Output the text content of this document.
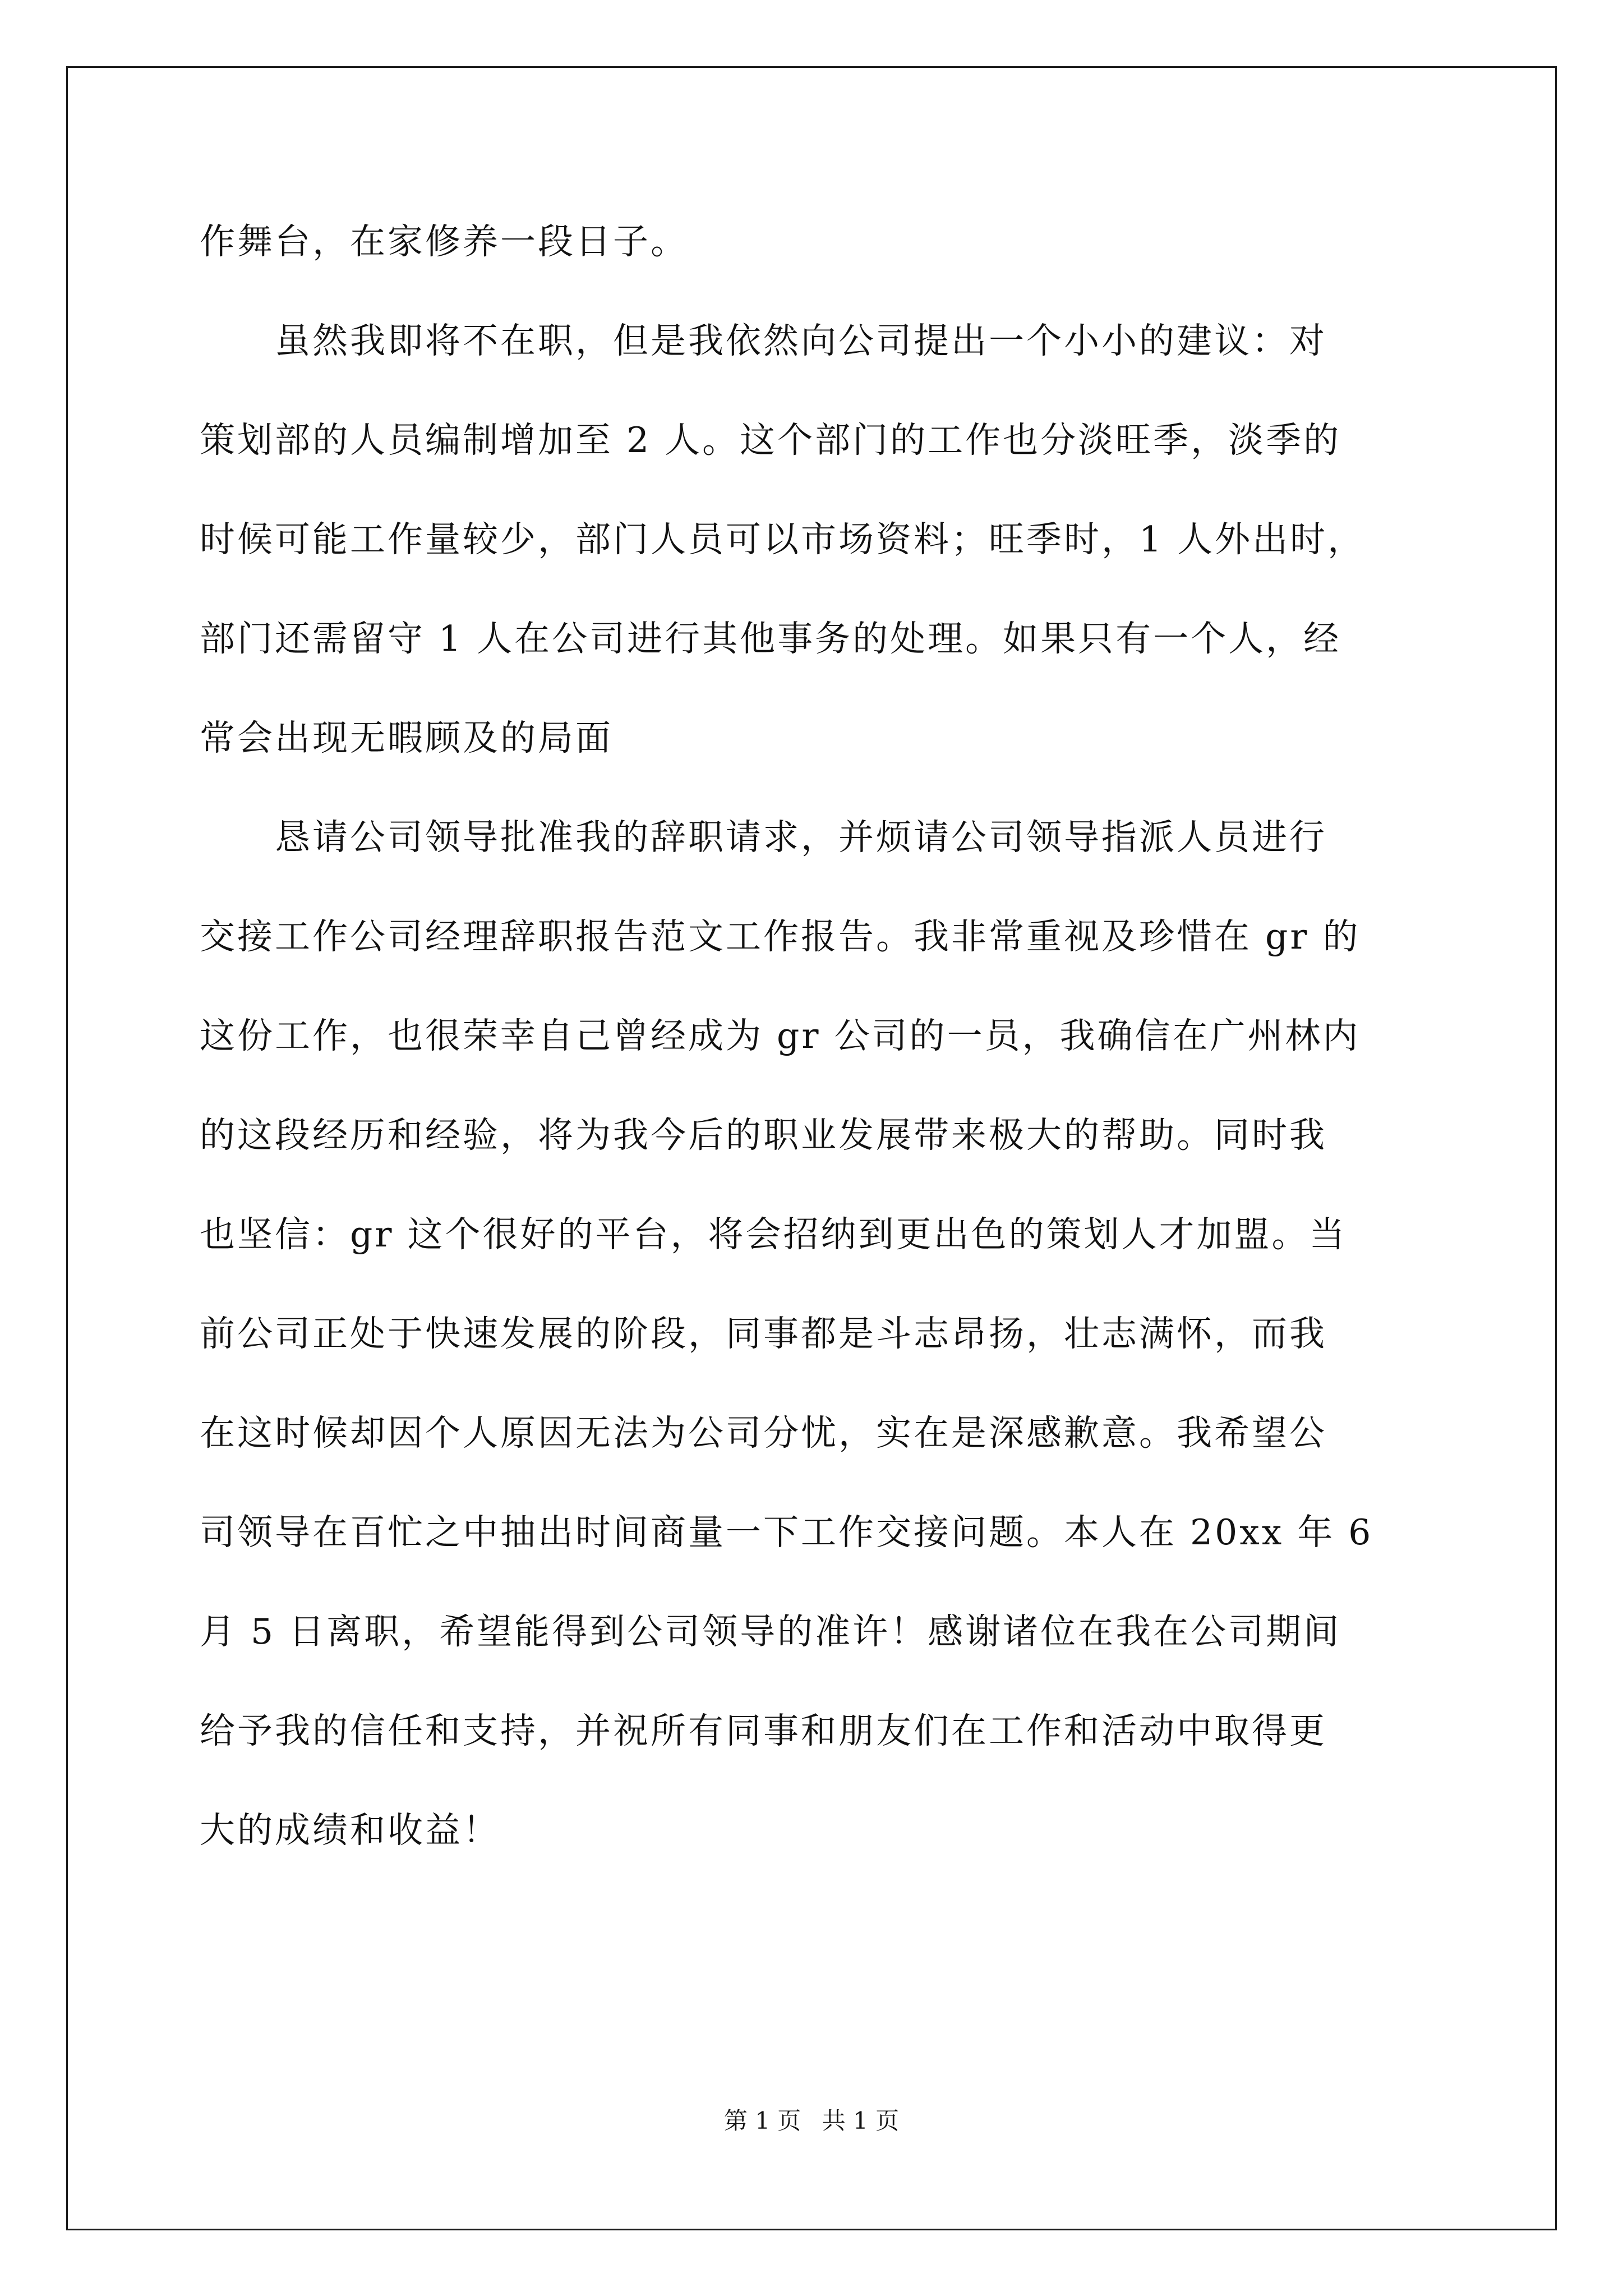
作舞台，在家修养一段日子。
　　虽然我即将不在职，但是我依然向公司提出一个小小的建议：对
策划部的人员编制增加至 2 人。这个部门的工作也分淡旺季，淡季的
时候可能工作量较少，部门人员可以市场资料；旺季时，1 人外出时，
部门还需留守 1 人在公司进行其他事务的处理。如果只有一个人，经
常会出现无暇顾及的局面
　　恳请公司领导批准我的辞职请求，并烦请公司领导指派人员进行
交接工作公司经理辞职报告范文工作报告。我非常重视及珍惜在 gr 的
这份工作，也很荣幸自己曾经成为 gr 公司的一员，我确信在广州林内
的这段经历和经验，将为我今后的职业发展带来极大的帮助。同时我
也坚信：gr 这个很好的平台，将会招纳到更出色的策划人才加盟。当
前公司正处于快速发展的阶段，同事都是斗志昂扬，壮志满怀，而我
在这时候却因个人原因无法为公司分忧，实在是深感歉意。我希望公
司领导在百忙之中抽出时间商量一下工作交接问题。本人在 20xx 年 6
月 5 日离职，希望能得到公司领导的准许！感谢诸位在我在公司期间
给予我的信任和支持，并祝所有同事和朋友们在工作和活动中取得更
大的成绩和收益！
第 1 页 共 1 页
